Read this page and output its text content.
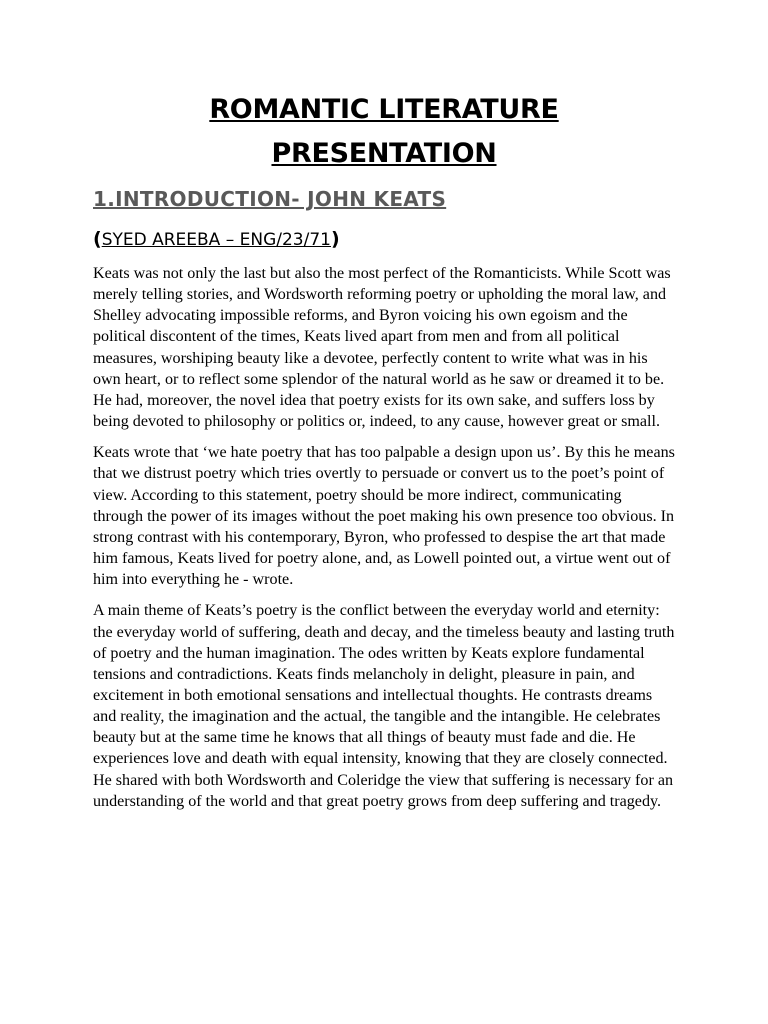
ROMANTIC LITERATURE
PRESENTATION
1.INTRODUCTION- JOHN KEATS
(SYED AREEBA – ENG/23/71)

Keats was not only the last but also the most perfect of the Romanticists. While Scott was merely telling stories, and Wordsworth reforming poetry or upholding the moral law, and Shelley advocating impossible reforms, and Byron voicing his own egoism and the political discontent of the times, Keats lived apart from men and from all political measures, worshiping beauty like a devotee, perfectly content to write what was in his own heart, or to reflect some splendor of the natural world as he saw or dreamed it to be. He had, moreover, the novel idea that poetry exists for its own sake, and suffers loss by being devoted to philosophy or politics or, indeed, to any cause, however great or small.

Keats wrote that ‘we hate poetry that has too palpable a design upon us’. By this he means that we distrust poetry which tries overtly to persuade or convert us to the poet’s point of view. According to this statement, poetry should be more indirect, communicating through the power of its images without the poet making his own presence too obvious. In strong contrast with his contemporary, Byron, who professed to despise the art that made him famous, Keats lived for poetry alone, and, as Lowell pointed out, a virtue went out of him into everything he - wrote.

A main theme of Keats’s poetry is the conflict between the everyday world and eternity: the everyday world of suffering, death and decay, and the timeless beauty and lasting truth of poetry and the human imagination. The odes written by Keats explore fundamental tensions and contradictions. Keats finds melancholy in delight, pleasure in pain, and excitement in both emotional sensations and intellectual thoughts. He contrasts dreams and reality, the imagination and the actual, the tangible and the intangible. He celebrates beauty but at the same time he knows that all things of beauty must fade and die. He experiences love and death with equal intensity, knowing that they are closely connected. He shared with both Wordsworth and Coleridge the view that suffering is necessary for an understanding of the world and that great poetry grows from deep suffering and tragedy.
